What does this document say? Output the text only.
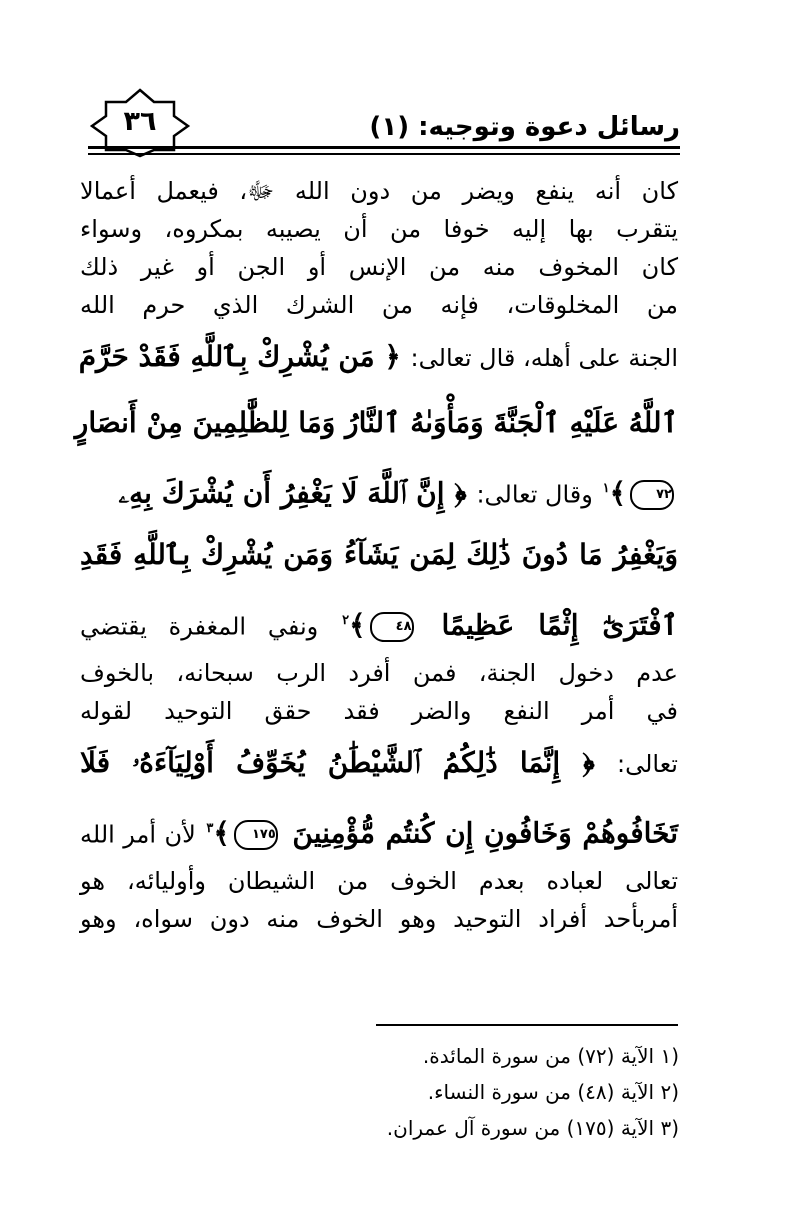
٣٦	رسائل دعوة وتوجيه: (١)
كان أنه ينفع ويضر من دون الله ﷻ، فيعمل أعمالا
يتقرب بها إليه خوفا من أن يصيبه بمكروه، وسواء
كان المخوف منه من الإنس أو الجن أو غير ذلك
من المخلوقات، فإنه من الشرك الذي حرم الله
الجنة على أهله، قال تعالى: ﴿ مَن يُشْرِكْ بِٱللَّهِ فَقَدْ حَرَّمَ
ٱللَّهُ عَلَيْهِ ٱلْجَنَّةَ وَمَأْوَىٰهُ ٱلنَّارُ وَمَا لِلظَّٰلِمِينَ مِنْ أَنصَارٍ
٧٢﴾$^١$ وقال تعالى: ﴿ إِنَّ ٱللَّهَ لَا يَغْفِرُ أَن يُشْرَكَ بِهِۦ
وَيَغْفِرُ مَا دُونَ ذَٰلِكَ لِمَن يَشَآءُ وَمَن يُشْرِكْ بِٱللَّهِ فَقَدِ
ٱفْتَرَىٰٓ إِثْمًا عَظِيمًا ٤٨﴾$^٢$ ونفي المغفرة يقتضي
عدم دخول الجنة، فمن أفرد الرب سبحانه، بالخوف
في أمر النفع والضر فقد حقق التوحيد لقوله
تعالى: ﴿ إِنَّمَا ذَٰلِكُمُ ٱلشَّيْطَٰنُ يُخَوِّفُ أَوْلِيَآءَهُۥ فَلَا
تَخَافُوهُمْ وَخَافُونِ إِن كُنتُم مُّؤْمِنِينَ ١٧٥﴾$^٣$ لأن أمر الله
تعالى لعباده بعدم الخوف من الشيطان وأوليائه، هو
أمربأحد أفراد التوحيد وهو الخوف منه دون سواه، وهو
(١ الآية (٧٢) من سورة المائدة.
(٢ الآية (٤٨) من سورة النساء.
(٣ الآية (١٧٥) من سورة آل عمران.
